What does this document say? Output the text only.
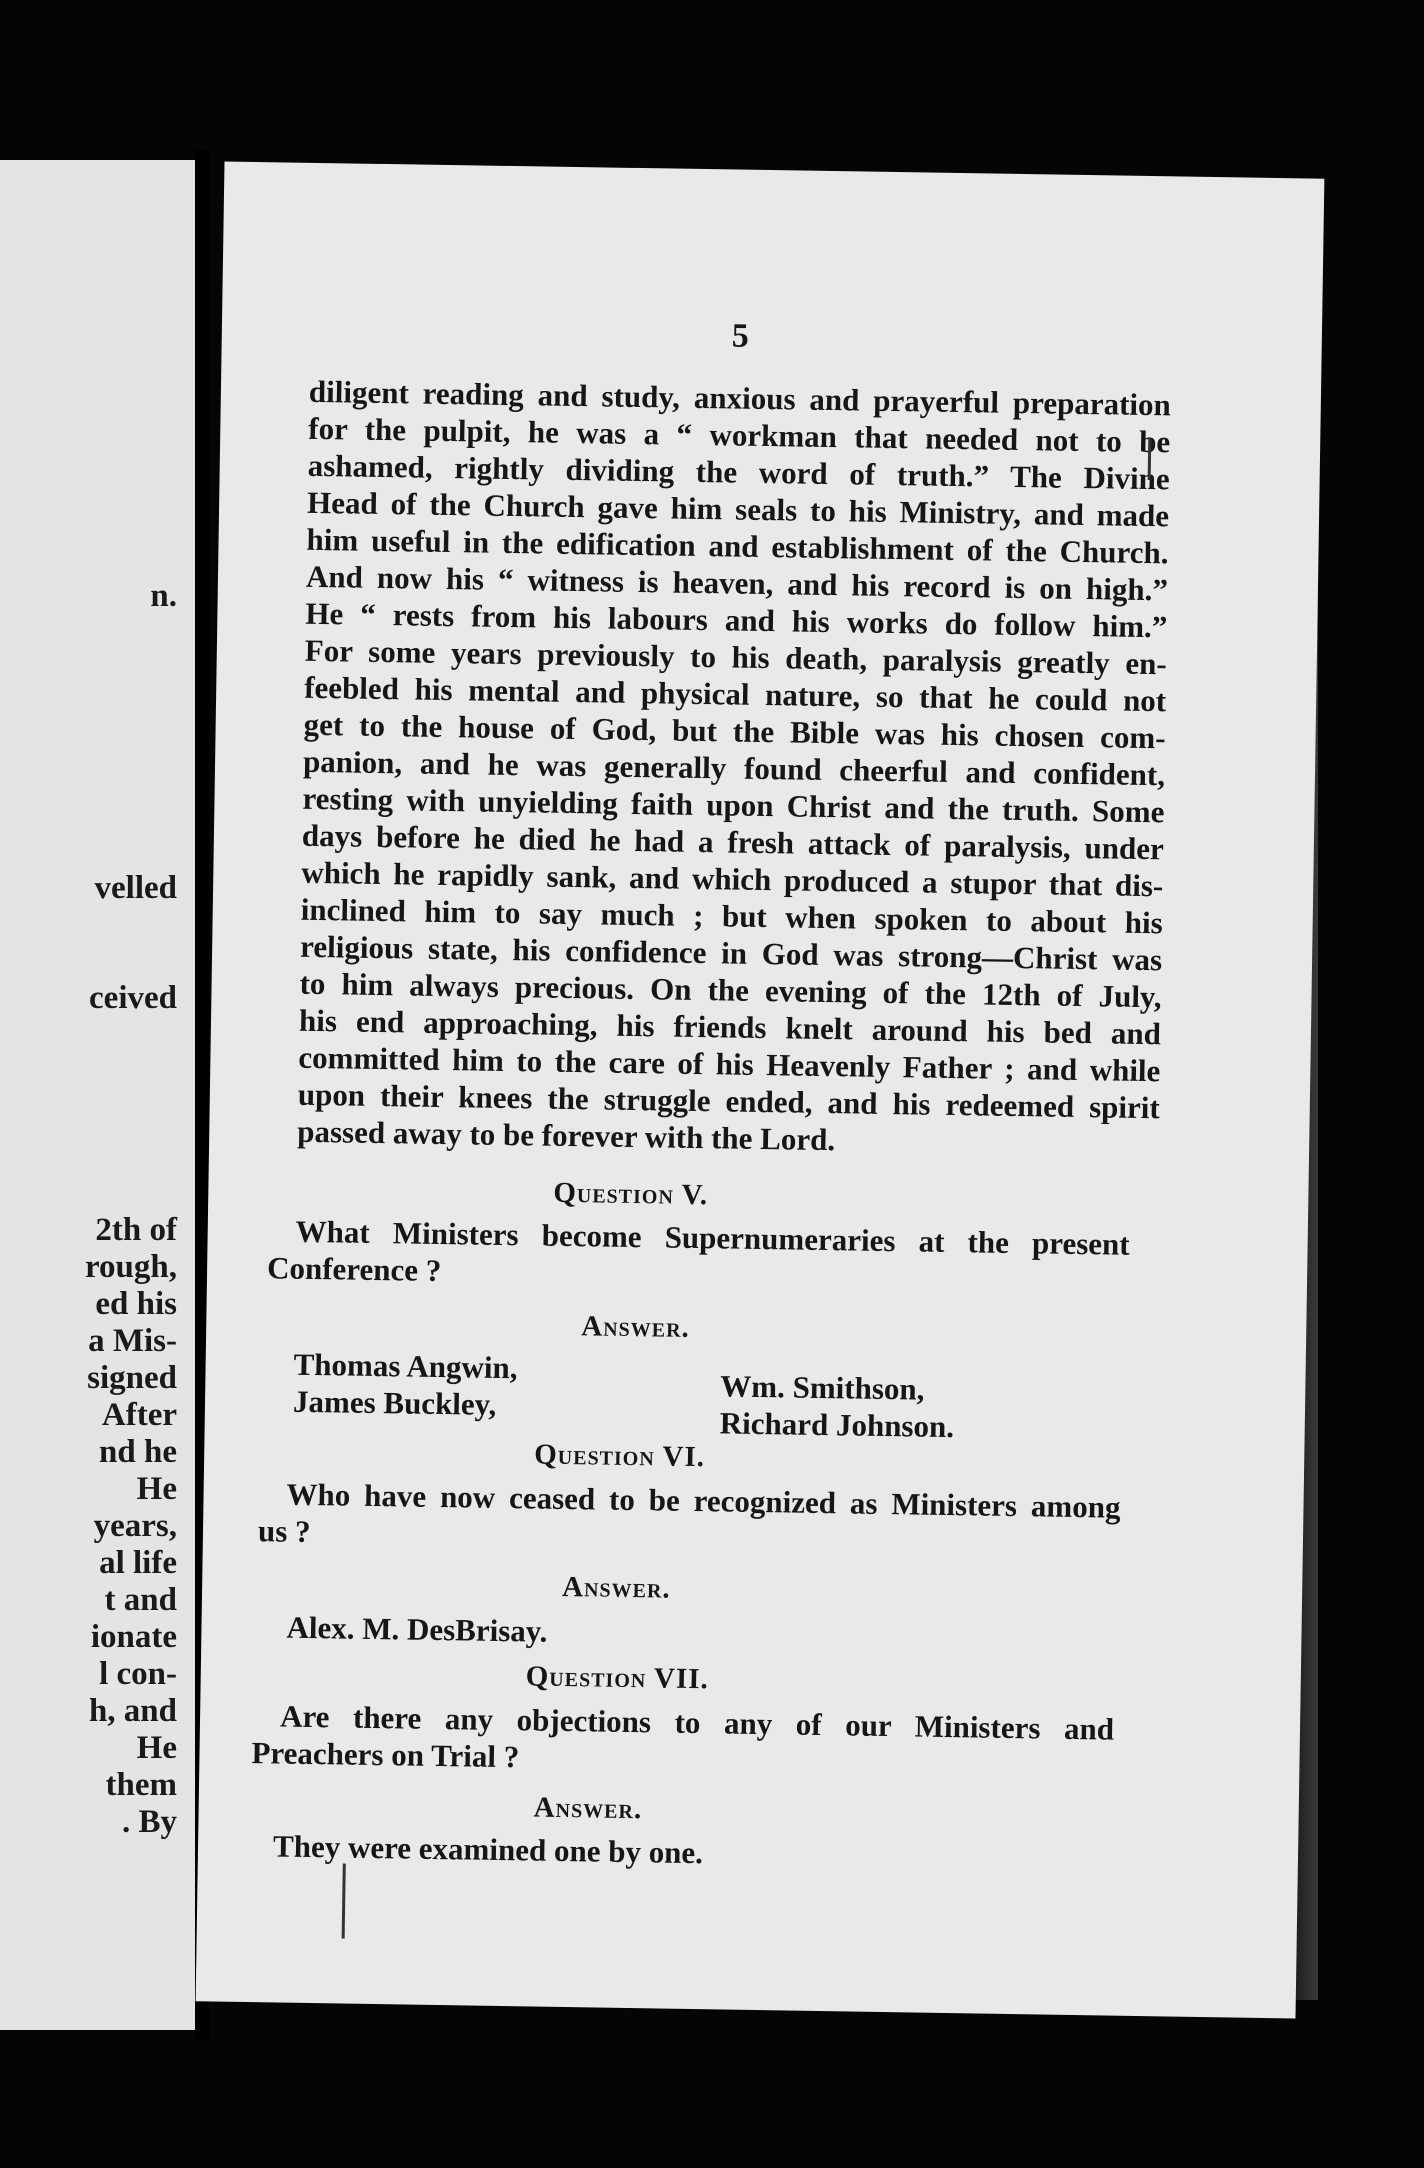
n.
velled
ceived
2th of
rough,
ed his
a Mis-
signed
After
nd he
He
years,
al life
t and
ionate
l con-
h, and
He
them
. By
5
diligent reading and study, anxious and prayerful preparation
for the pulpit, he was a “ workman that needed not to be
ashamed, rightly dividing the word of truth.” The Divine
Head of the Church gave him seals to his Ministry, and made
him useful in the edification and establishment of the Church.
And now his “ witness is heaven, and his record is on high.”
He “ rests from his labours and his works do follow him.”
For some years previously to his death, paralysis greatly en-
feebled his mental and physical nature, so that he could not
get to the house of God, but the Bible was his chosen com-
panion, and he was generally found cheerful and confident,
resting with unyielding faith upon Christ and the truth. Some
days before he died he had a fresh attack of paralysis, under
which he rapidly sank, and which produced a stupor that dis-
inclined him to say much ; but when spoken to about his
religious state, his confidence in God was strong—Christ was
to him always precious. On the evening of the 12th of July,
his end approaching, his friends knelt around his bed and
committed him to the care of his Heavenly Father ; and while
upon their knees the struggle ended, and his redeemed spirit
passed away to be forever with the Lord.
Question V.
What Ministers become Supernumeraries at the present
Conference ?
Answer.
Thomas Angwin,
James Buckley,	Wm. Smithson,
Richard Johnson.
Question VI.
Who have now ceased to be recognized as Ministers among
us ?
Answer.
Alex. M. DesBrisay.
Question VII.
Are there any objections to any of our Ministers and
Preachers on Trial ?
Answer.
They were examined one by one.
